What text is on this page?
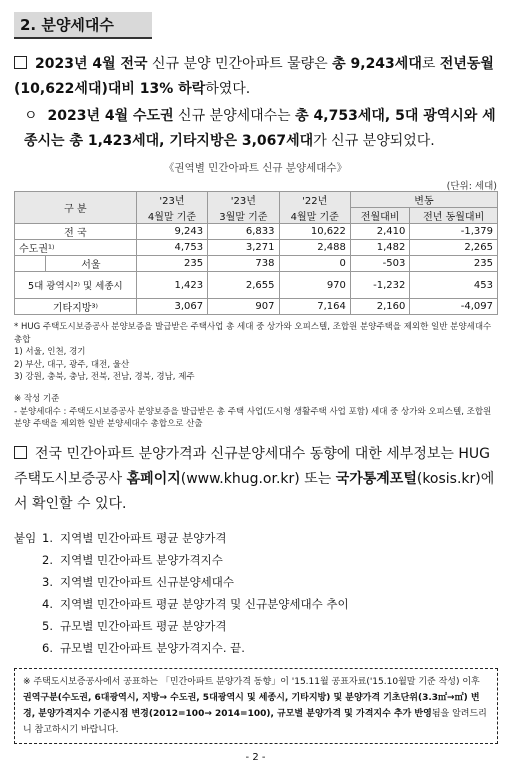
2. 분양세대수
2023년 4월 전국 신규 분양 민간아파트 물량은 총 9,243세대로 전년동월(10,622세대)대비 13% 하락하였다.
ㅇ 2023년 4월 수도권 신규 분양세대수는 총 4,753세대, 5대 광역시와 세종시는 총 1,423세대, 기타지방은 3,067세대가 신규 분양되었다.
《권역별 민간아파트 신규 분양세대수》
(단위: 세대)
구 분		'23년	'23년	'22년	변동	
		4월말 기준	3월말 기준	4월말 기준	전월대비	전년 동월대비
전 국		9,243	6,833	10,622	2,410	-1,379
수도권¹⁾		4,753	3,271	2,488	1,482	2,265
	서울	235	738	0	-503	235
5대 광역시²⁾ 및 세종시		1,423	2,655	970	-1,232	453
기타지방³⁾		3,067	907	7,164	2,160	-4,097
* HUG 주택도시보증공사 분양보증을 발급받은 주택사업 총 세대 중 상가와 오피스텔, 조합원 분양주택을 제외한 일반 분양세대수 총합
1) 서울, 인천, 경기
2) 부산, 대구, 광주, 대전, 울산
3) 강원, 충북, 충남, 전북, 전남, 경북, 경남, 제주
※ 작성 기준
- 분양세대수 : 주택도시보증공사 분양보증을 발급받은 총 주택 사업(도시형 생활주택 사업 포함) 세대 중 상가와 오피스텔, 조합원 분양 주택을 제외한 일반 분양세대수 총합으로 산출
전국 민간아파트 분양가격과 신규분양세대수 동향에 대한 세부정보는 HUG 주택도시보증공사 홈페이지(www.khug.or.kr) 또는 국가통계포털(kosis.kr)에서 확인할 수 있다.
붙임 1. 지역별 민간아파트 평균 분양가격
2. 지역별 민간아파트 분양가격지수
3. 지역별 민간아파트 신규분양세대수
4. 지역별 민간아파트 평균 분양가격 및 신규분양세대수 추이
5. 규모별 민간아파트 평균 분양가격
6. 규모별 민간아파트 분양가격지수. 끝.
※ 주택도시보증공사에서 공표하는 「민간아파트 분양가격 동향」이 '15.11월 공표자료('15.10월말 기준 작성) 이후 권역구분(수도권, 6대광역시, 지방→ 수도권, 5대광역시 및 세종시, 기타지방) 및 분양가격 기초단위(3.3㎡→㎡) 변경, 분양가격지수 기준시점 변경(2012=100→ 2014=100), 규모별 분양가격 및 가격지수 추가 반영됨을 알려드리니 참고하시기 바랍니다.
- 2 -
